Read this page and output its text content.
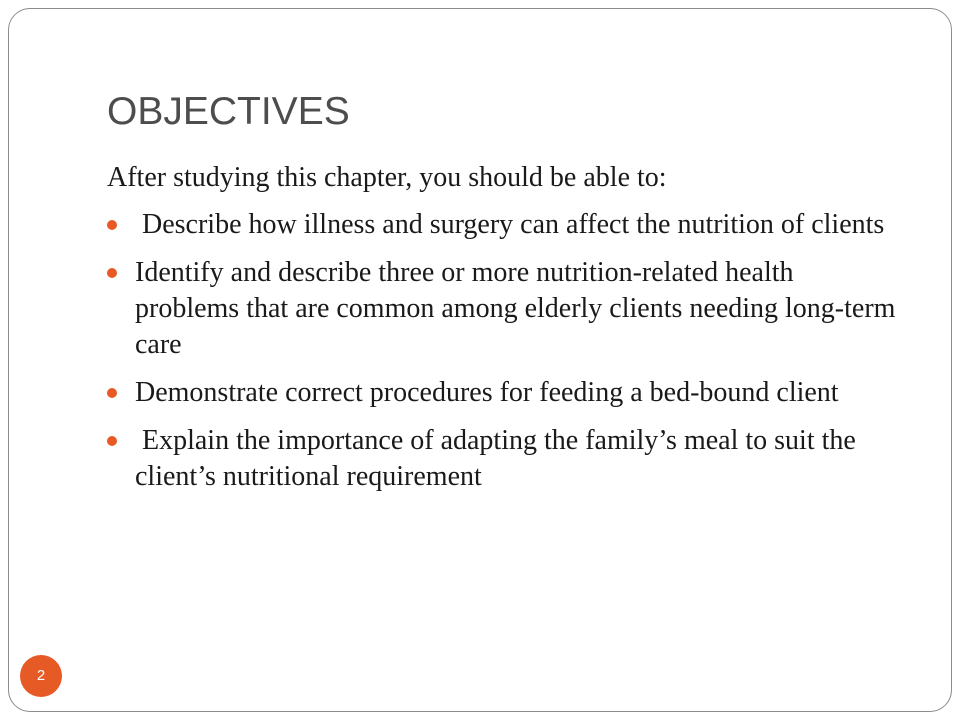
OBJECTIVES

After studying this chapter, you should be able to:

Describe how illness and surgery can affect the nutrition of clients
Identify and describe three or more nutrition-related health problems that are common among elderly clients needing long-term care
Demonstrate correct procedures for feeding a bed-bound client
Explain the importance of adapting the family’s meal to suit the client’s nutritional requirement
2
